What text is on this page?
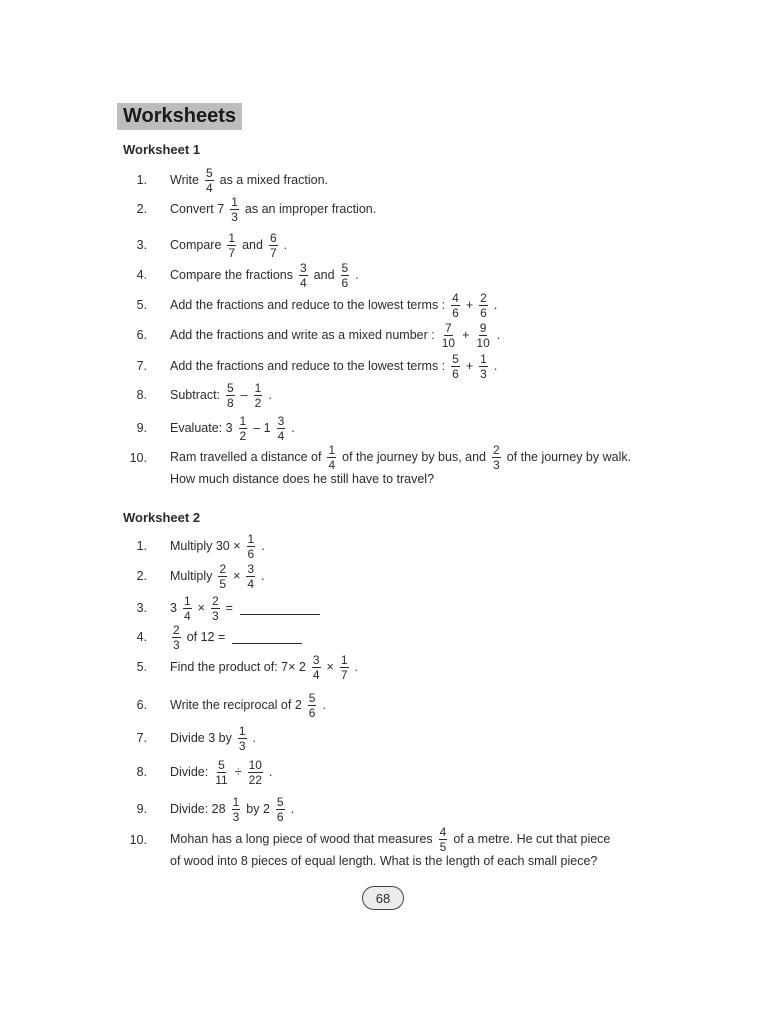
Worksheets
Worksheet 1
1. Write $\frac{5}{4}$ as a mixed fraction.
2. Convert $7 \frac{1}{3}$ as an improper fraction.
3. Compare $\frac{1}{7}$ and $\frac{6}{7}$ .
4. Compare the fractions $\frac{3}{4}$ and $\frac{5}{6}$ .
5. Add the fractions and reduce to the lowest terms : $\frac{4}{6} + \frac{2}{6}$ .
6. Add the fractions and write as a mixed number : $\frac{7}{10} + \frac{9}{10}$ .
7. Add the fractions and reduce to the lowest terms : $\frac{5}{6} + \frac{1}{3}$ .
8. Subtract: $\frac{5}{8} - \frac{1}{2}$ .
9. Evaluate: $3 \frac{1}{2} - 1 \frac{3}{4}$ .
10. Ram travelled a distance of $\frac{1}{4}$ of the journey by bus, and $\frac{2}{3}$ of the journey by walk.
How much distance does he still have to travel?
Worksheet 2
1. Multiply $30 \times \frac{1}{6}$ .
2. Multiply $\frac{2}{5} \times \frac{3}{4}$ .
3. $3 \frac{1}{4} \times \frac{2}{3}$ =
4. $\frac{2}{3}$ of 12 =
5. Find the product of: $7\times 2 \frac{3}{4} \times \frac{1}{7}$ .
6. Write the reciprocal of $2 \frac{5}{6}$ .
7. Divide 3 by $\frac{1}{3}$ .
8. Divide: $\frac{5}{11} \div \frac{10}{22}$ .
9. Divide: $28 \frac{1}{3}$ by $2 \frac{5}{6}$ .
10. Mohan has a long piece of wood that measures $\frac{4}{5}$ of a metre. He cut that piece
of wood into 8 pieces of equal length. What is the length of each small piece?
68
